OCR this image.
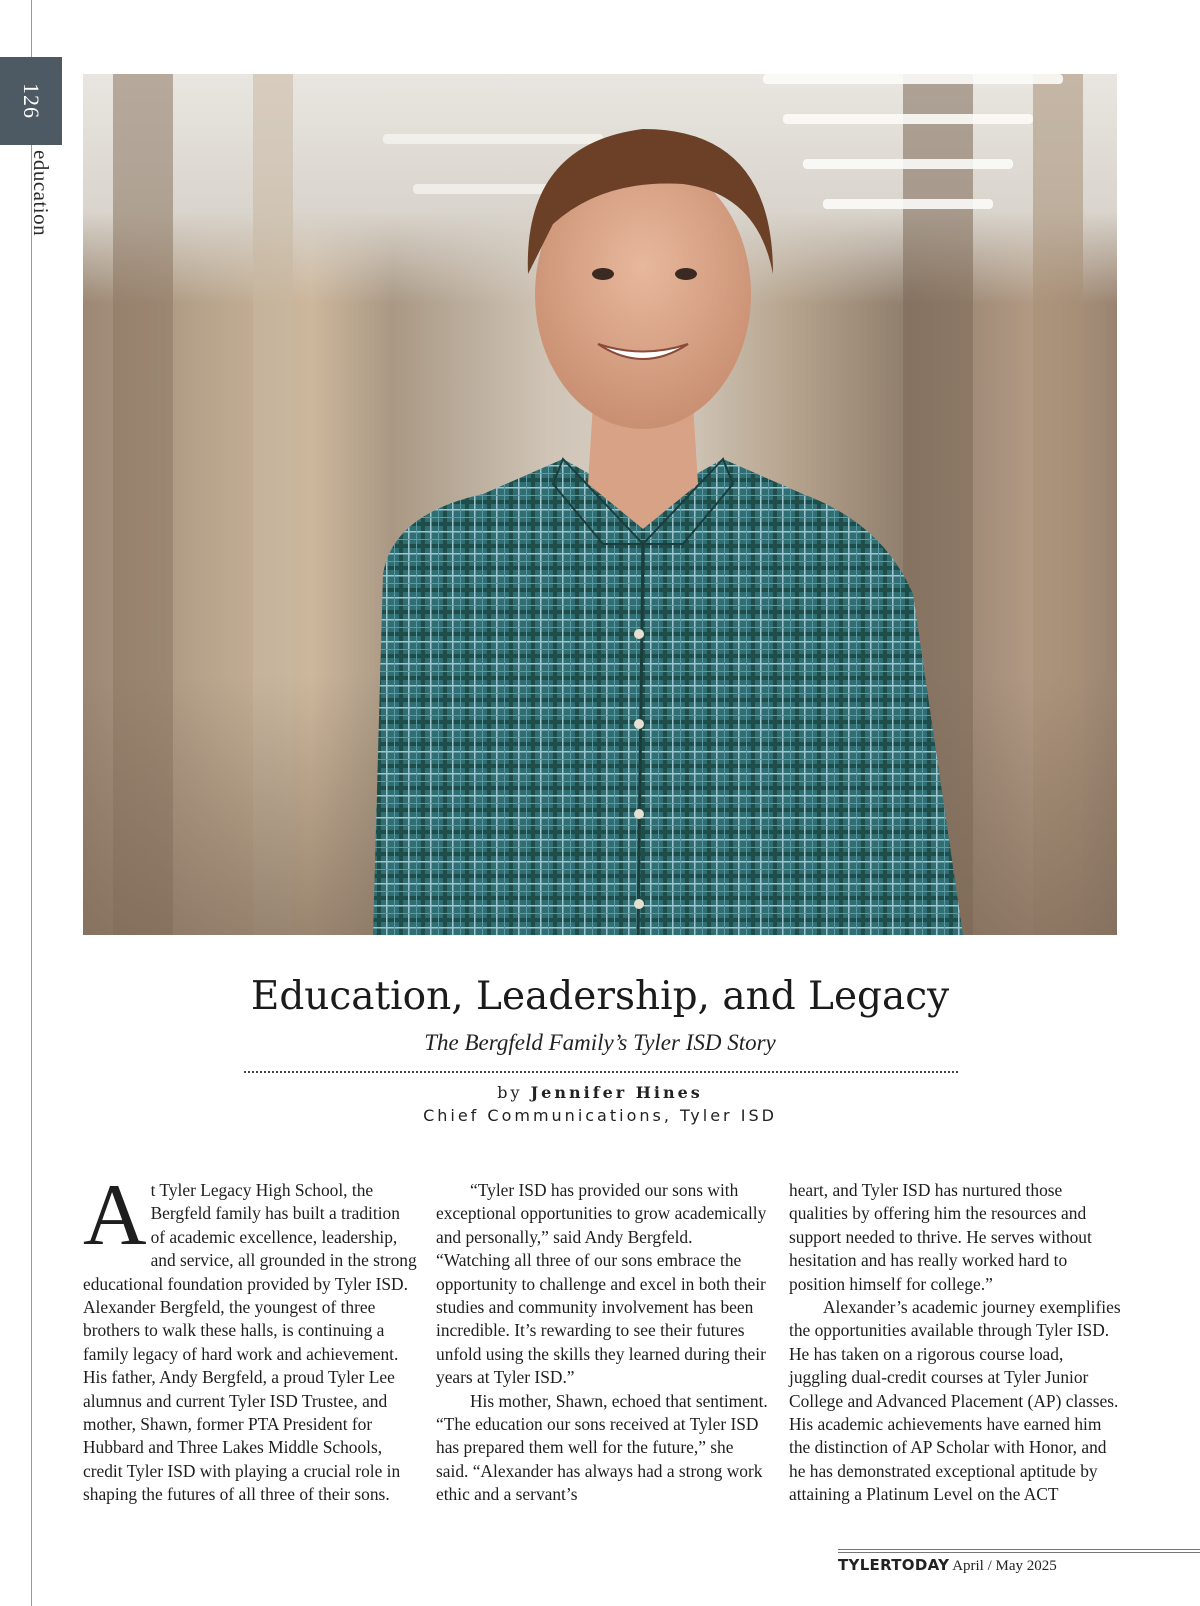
126
education
Education, Leadership, and Legacy
The Bergfeld Family’s Tyler ISD Story
by Jennifer Hines
Chief Communications, Tyler ISD

At Tyler Legacy High School, the Bergfeld family has built a tradition of academic excellence, leadership, and service, all grounded in the strong educational foundation provided by Tyler ISD. Alexander Bergfeld, the youngest of three brothers to walk these halls, is continuing a family legacy of hard work and achievement. His father, Andy Bergfeld, a proud Tyler Lee alumnus and current Tyler ISD Trustee, and mother, Shawn, former PTA President for Hubbard and Three Lakes Middle Schools, credit Tyler ISD with playing a crucial role in shaping the futures of all three of their sons.

“Tyler ISD has provided our sons with exceptional opportunities to grow academically and personally,” said Andy Bergfeld. “Watching all three of our sons embrace the opportunity to challenge and excel in both their studies and community involvement has been incredible. It’s rewarding to see their futures unfold using the skills they learned during their years at Tyler ISD.”

His mother, Shawn, echoed that sentiment. “The education our sons received at Tyler ISD has prepared them well for the future,” she said. “Alexander has always had a strong work ethic and a servant’s

heart, and Tyler ISD has nurtured those qualities by offering him the resources and support needed to thrive. He serves without hesitation and has really worked hard to position himself for college.”

Alexander’s academic journey exemplifies the opportunities available through Tyler ISD. He has taken on a rigorous course load, juggling dual-credit courses at Tyler Junior College and Advanced Placement (AP) classes. His academic achievements have earned him the distinction of AP Scholar with Honor, and he has demonstrated exceptional aptitude by attaining a Platinum Level on the ACT

TYLERTODAY April / May 2025
